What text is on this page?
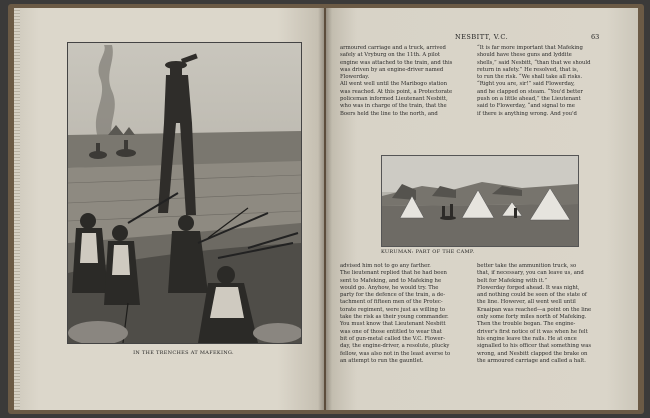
IN THE TRENCHES AT MAFEKING.
NESBITT, V.C.	63

armoured carriage and a truck, arrived

safely at Vryburg on the 11th. A pilot

engine was attached to the train, and this

was driven by an engine-driver named

Flowerday.

All went well until the Maribogo station

was reached. At this point, a Protectorate

policeman informed Lieutenant Nesbitt,

who was in charge of the train, that the

Boers held the line to the north, and

“It is far more important that Mafeking

should have these guns and lyddite

shells,” said Nesbitt, “than that we should

return in safety.” He resolved, that is,

to run the risk. “We shall take all risks.

“Right you are, sir!” said Flowerday,

and he clapped on steam. “You'd better

push on a little ahead,” the Lieutenant

said to Flowerday, “and signal to me

if there is anything wrong. And you'd

KURUMAN: PART OF THE CAMP.

advised him not to go any farther.

The lieutenant replied that he had been

sent to Mafeking, and to Mafeking he

would go. Anyhow, he would try. The

party for the defence of the train, a de-

tachment of fifteen men of the Protec-

torate regiment, were just as willing to

take the risk as their young commander.

You must know that Lieutenant Nesbitt

was one of those entitled to wear that

bit of gun-metal called the V.C. Flower-

day, the engine-driver, a resolute, plucky

fellow, was also not in the least averse to

an attempt to run the gauntlet.

better take the ammunition truck, so

that, if necessary, you can leave us, and

belt for Mafeking with it.”

Flowerday forged ahead. It was night,

and nothing could be seen of the state of

the line. However, all went well until

Kraaipan was reached—a point on the line

only some forty miles north of Mafeking.

Then the trouble began. The engine-

driver's first notice of it was when he felt

his engine leave the rails. He at once

signalled to his officer that something was

wrong, and Nesbitt clapped the brake on

the armoured carriage and called a halt.
